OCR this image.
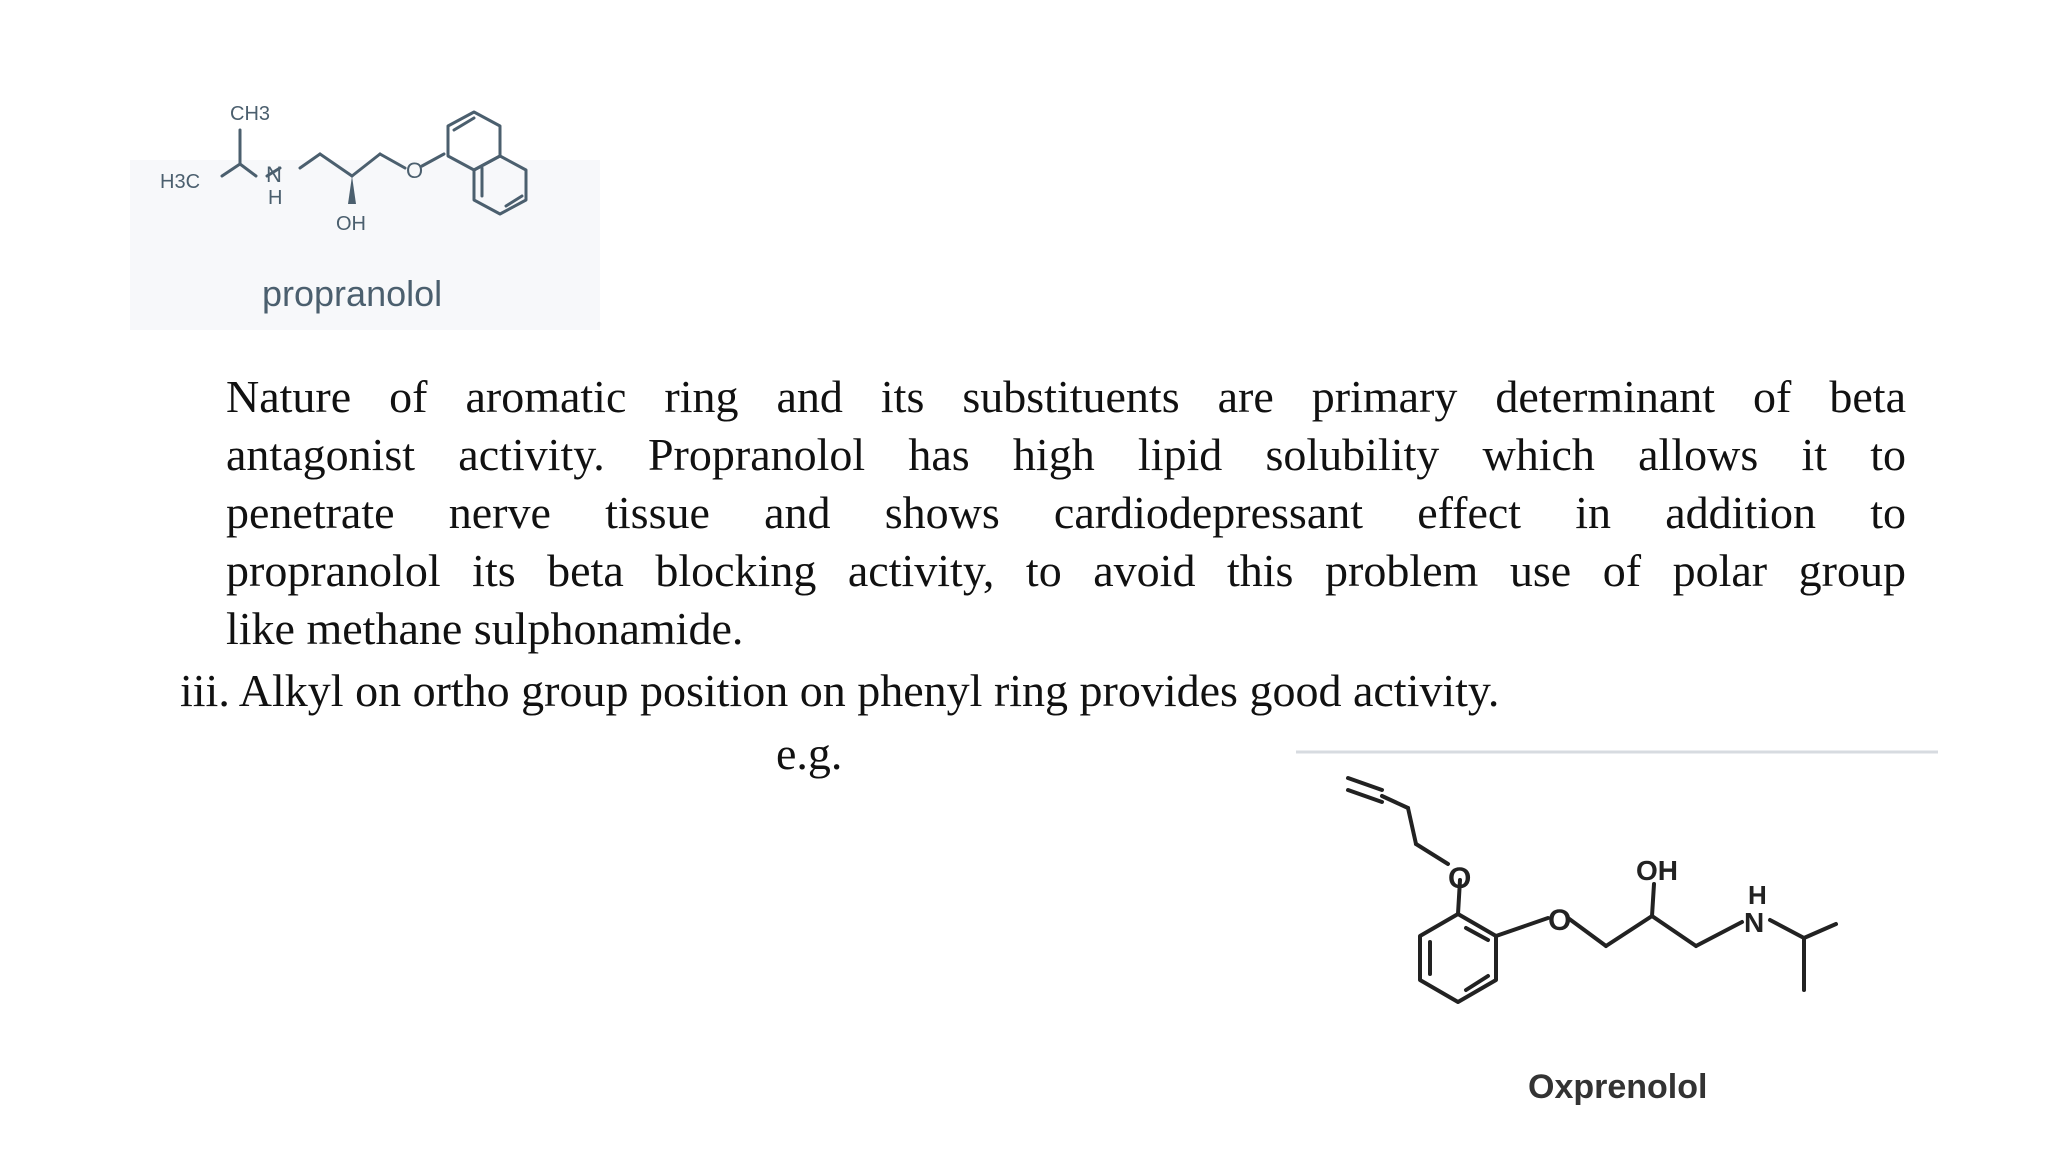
CH3
H3C	N
H
OH
O
propranolol
Nature of aromatic ring and its substituents are primary determinant of beta
antagonist activity. Propranolol has high lipid solubility which allows it to
penetrate nerve tissue and shows cardiodepressant effect in addition to
propranolol its beta blocking activity, to avoid this problem use of polar group
like methane sulphonamide.
iii. Alkyl on ortho group position on phenyl ring provides good activity.
e.g.
O
O
OH
N
H
Oxprenolol
